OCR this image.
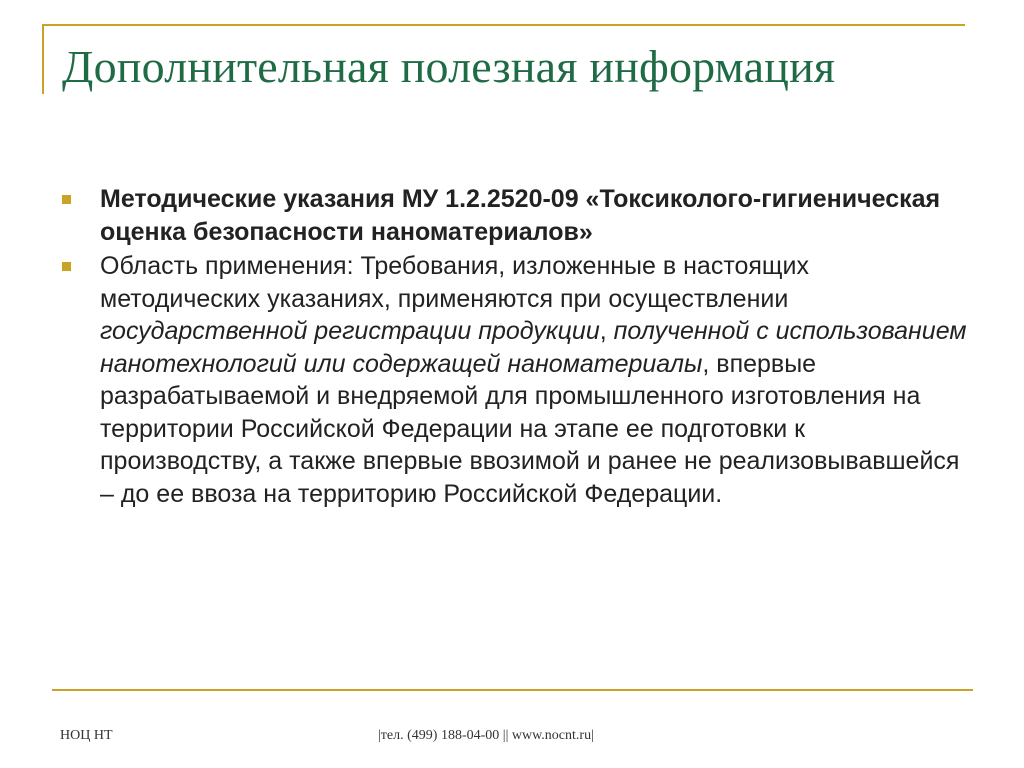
Дополнительная полезная информация
Методические указания МУ 1.2.2520-09 «Токсиколого-гигиеническая оценка безопасности наноматериалов»
Область применения: Требования, изложенные в настоящих методических указаниях, применяются при осуществлении государственной регистрации продукции, полученной с использованием нанотехнологий или содержащей наноматериалы, впервые разрабатываемой и внедряемой для промышленного изготовления на территории Российской Федерации на этапе ее подготовки к производству, а также впервые ввозимой и ранее не реализовывавшейся – до ее ввоза на территорию Российской Федерации.
НОЦ НТ	|тел. (499) 188-04-00 || www.nocnt.ru|
